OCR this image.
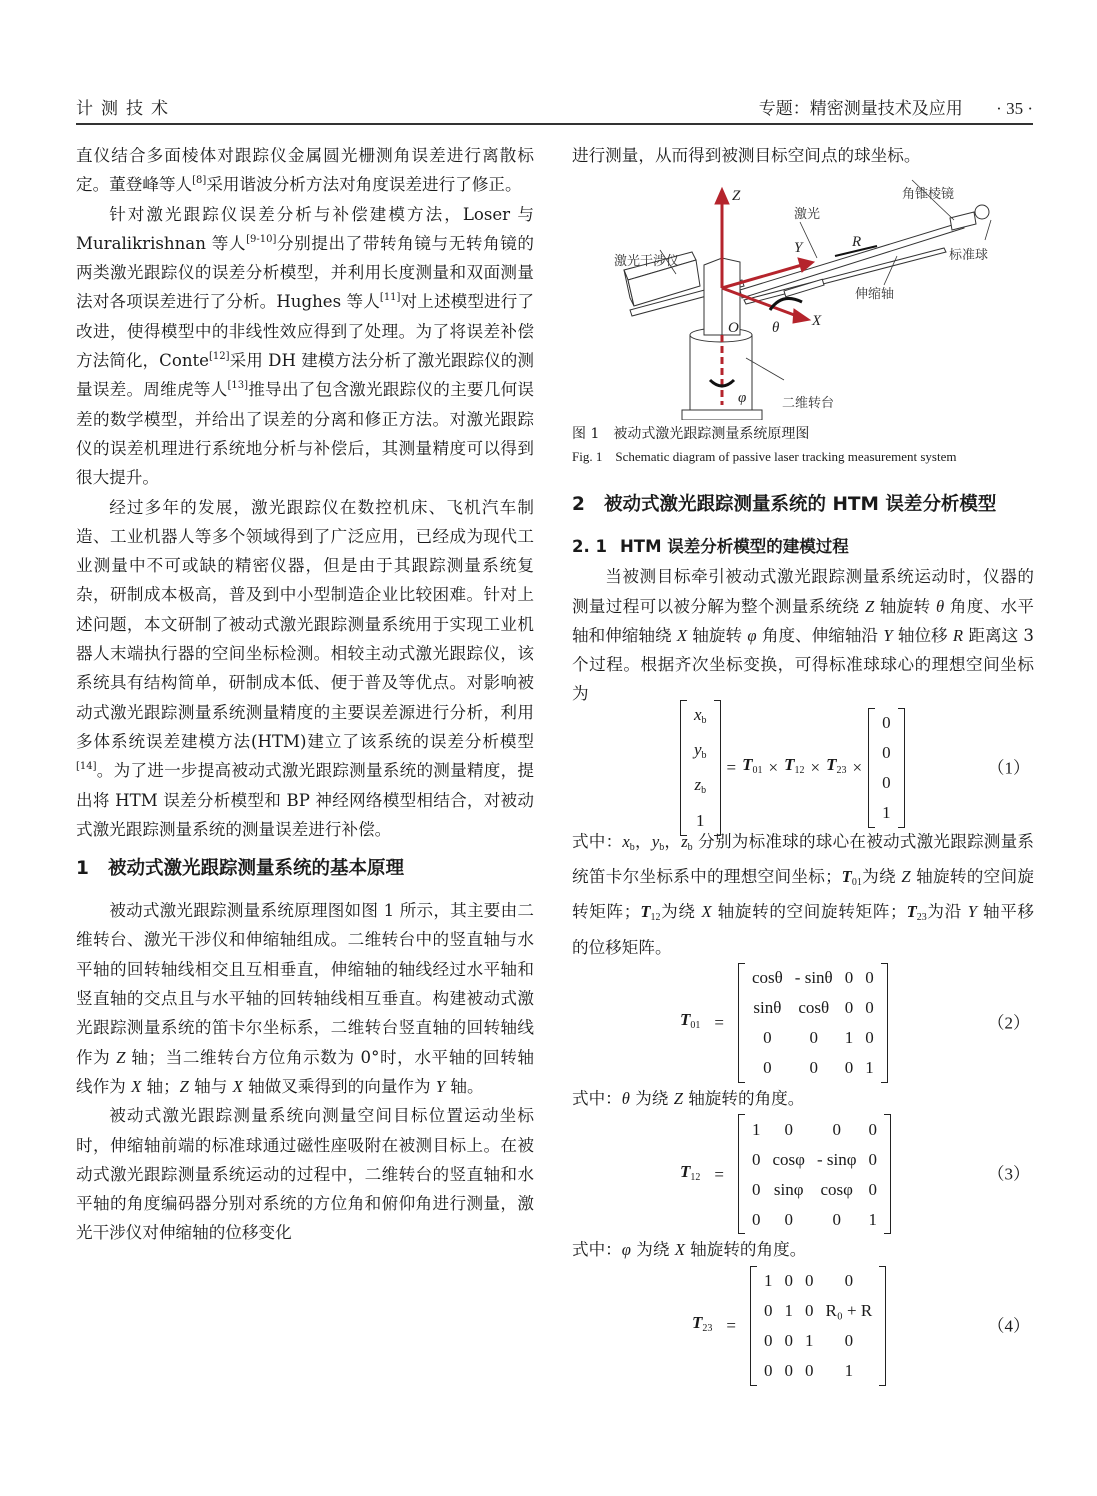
计测技术	专题：精密测量技术及应用 · 35 ·

直仪结合多面棱体对跟踪仪金属圆光栅测角误差进行离散标定。董登峰等人[8]采用谐波分析方法对角度误差进行了修正。

针对激光跟踪仪误差分析与补偿建模方法，Loser 与 Muralikrishnan 等人[9-10]分别提出了带转角镜与无转角镜的两类激光跟踪仪的误差分析模型，并利用长度测量和双面测量法对各项误差进行了分析。Hughes 等人[11]对上述模型进行了改进，使得模型中的非线性效应得到了处理。为了将误差补偿方法简化，Conte[12]采用 DH 建模方法分析了激光跟踪仪的测量误差。周维虎等人[13]推导出了包含激光跟踪仪的主要几何误差的数学模型，并给出了误差的分离和修正方法。对激光跟踪仪的误差机理进行系统地分析与补偿后，其测量精度可以得到很大提升。

经过多年的发展，激光跟踪仪在数控机床、飞机汽车制造、工业机器人等多个领域得到了广泛应用，已经成为现代工业测量中不可或缺的精密仪器，但是由于其跟踪测量系统复杂，研制成本极高，普及到中小型制造企业比较困难。针对上述问题，本文研制了被动式激光跟踪测量系统用于实现工业机器人末端执行器的空间坐标检测。相较主动式激光跟踪仪，该系统具有结构简单，研制成本低、便于普及等优点。对影响被动式激光跟踪测量系统测量精度的主要误差源进行分析，利用多体系统误差建模方法(HTM)建立了该系统的误差分析模型[14]。为了进一步提高被动式激光跟踪测量系统的测量精度，提出将 HTM 误差分析模型和 BP 神经网络模型相结合，对被动式激光跟踪测量系统的测量误差进行补偿。

1	被动式激光跟踪测量系统的基本原理

被动式激光跟踪测量系统原理图如图 1 所示，其主要由二维转台、激光干涉仪和伸缩轴组成。二维转台中的竖直轴与水平轴的回转轴线相交且互相垂直，伸缩轴的轴线经过水平轴和竖直轴的交点且与水平轴的回转轴线相互垂直。构建被动式激光跟踪测量系统的笛卡尔坐标系，二维转台竖直轴的回转轴线作为 Z 轴；当二维转台方位角示数为 0°时，水平轴的回转轴线作为 X 轴；Z 轴与 X 轴做叉乘得到的向量作为 Y 轴。

被动式激光跟踪测量系统向测量空间目标位置运动坐标时，伸缩轴前端的标准球通过磁性座吸附在被测目标上。在被动式激光跟踪测量系统运动的过程中，二维转台的竖直轴和水平轴的角度编码器分别对系统的方位角和俯仰角进行测量，激光干涉仪对伸缩轴的位移变化

进行测量，从而得到被测目标空间点的球坐标。

角锥棱镜
激光
激光干涉仪	标准球
伸缩轴
二维转台
Z
Y
X
O
R
θ
φ

图 1　被动式激光跟踪测量系统原理图

Fig. 1　Schematic diagram of passive laser tracking measurement system

2	被动式激光跟踪测量系统的 HTM 误差分析模型
2. 1 HTM 误差分析模型的建模过程

当被测目标牵引被动式激光跟踪测量系统运动时，仪器的测量过程可以被分解为整个测量系统绕 Z 轴旋转 θ 角度、水平轴和伸缩轴绕 X 轴旋转 φ 角度、伸缩轴沿 Y 轴位移 R 距离这 3 个过程。根据齐次坐标变换，可得标准球球心的理想空间坐标为

$x_b$
$y_b$
$z_b$
1
= $T_{01} \times T_{12} \times T_{23}$ ×
0
0
0
1
（1）

式中：$x_b$，$y_b$，$z_b$ 分别为标准球的球心在被动式激光跟踪测量系统笛卡尔坐标系中的理想空间坐标；$T_{01}$为绕 Z 轴旋转的空间旋转矩阵；$T_{12}$为绕 X 轴旋转的空间旋转矩阵；$T_{23}$为沿 Y 轴平移的位移矩阵。

$T_{01}$ =
cosθ	- sinθ	0	0
sinθ	cosθ	0	0
0	0	1	0
0	0	0	1
（2）

式中：θ 为绕 Z 轴旋转的角度。

$T_{12}$ =
1	0	0	0
0	cosφ	- sinφ	0
0	sinφ	cosφ	0
0	0	0	1
（3）

式中：φ 为绕 X 轴旋转的角度。

$T_{23}$ =
1	0	0	0
0	1	0	R₀ + R
0	0	1	0
0	0	0	1
（4）
